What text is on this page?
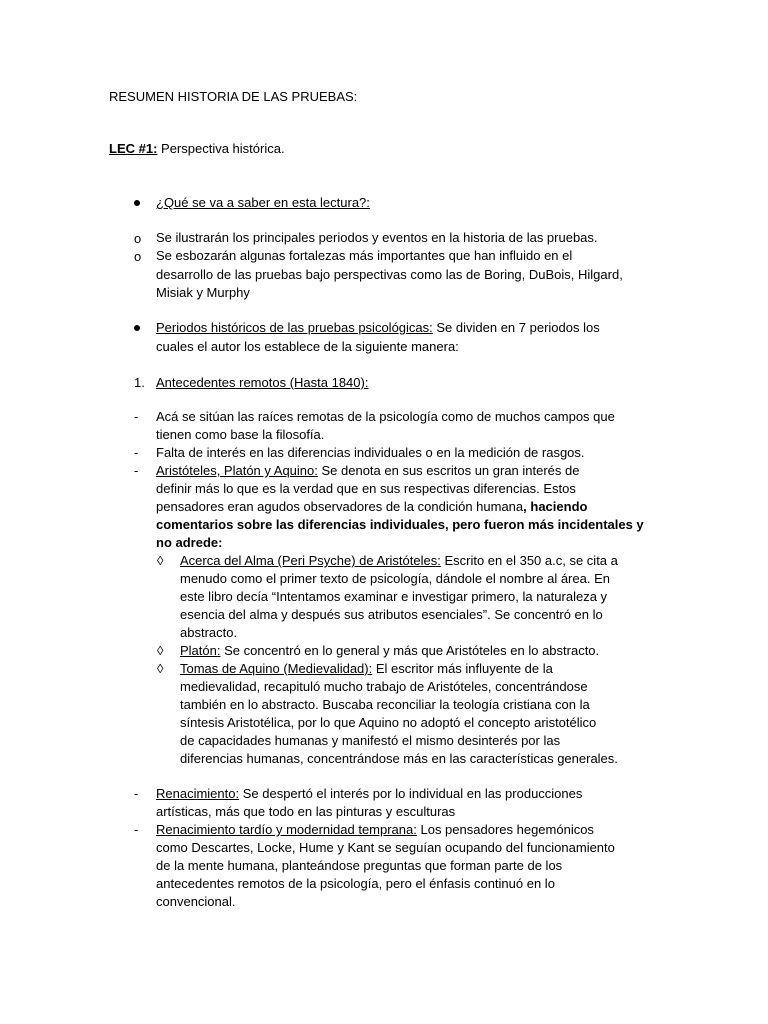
RESUMEN HISTORIA DE LAS PRUEBAS:
LEC #1: Perspectiva histórica.
¿Qué se va a saber en esta lectura?:
o Se ilustrarán los principales periodos y eventos en la historia de las pruebas.
o Se esbozarán algunas fortalezas más importantes que han influido en el
desarrollo de las pruebas bajo perspectivas como las de Boring, DuBois, Hilgard,
Misiak y Murphy
Periodos históricos de las pruebas psicológicas: Se dividen en 7 periodos los
cuales el autor los establece de la siguiente manera:
1. Antecedentes remotos (Hasta 1840):
- Acá se sitúan las raíces remotas de la psicología como de muchos campos que
tienen como base la filosofía.
- Falta de interés en las diferencias individuales o en la medición de rasgos.
- Aristóteles, Platón y Aquino: Se denota en sus escritos un gran interés de
definir más lo que es la verdad que en sus respectivas diferencias. Estos
pensadores eran agudos observadores de la condición humana, haciendo
comentarios sobre las diferencias individuales, pero fueron más incidentales y
no adrede:
◊ Acerca del Alma (Peri Psyche) de Aristóteles: Escrito en el 350 a.c, se cita a
menudo como el primer texto de psicología, dándole el nombre al área. En
este libro decía “Intentamos examinar e investigar primero, la naturaleza y
esencia del alma y después sus atributos esenciales”. Se concentró en lo
abstracto.
◊ Platón: Se concentró en lo general y más que Aristóteles en lo abstracto.
◊ Tomas de Aquino (Medievalidad): El escritor más influyente de la
medievalidad, recapituló mucho trabajo de Aristóteles, concentrándose
también en lo abstracto. Buscaba reconciliar la teología cristiana con la
síntesis Aristotélica, por lo que Aquino no adoptó el concepto aristotélico
de capacidades humanas y manifestó el mismo desinterés por las
diferencias humanas, concentrándose más en las características generales.
- Renacimiento: Se despertó el interés por lo individual en las producciones
artísticas, más que todo en las pinturas y esculturas
- Renacimiento tardío y modernidad temprana: Los pensadores hegemónicos
como Descartes, Locke, Hume y Kant se seguían ocupando del funcionamiento
de la mente humana, planteándose preguntas que forman parte de los
antecedentes remotos de la psicología, pero el énfasis continuó en lo
convencional.
